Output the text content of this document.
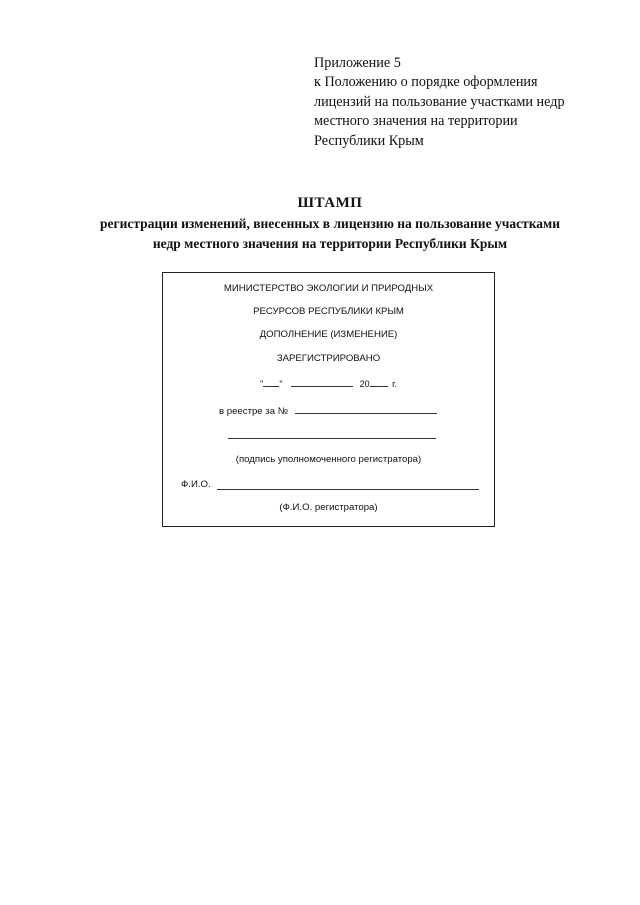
Приложение 5
к Положению о порядке оформления
лицензий на пользование участками недр
местного значения на территории
Республики Крым
ШТАМП
регистрации изменений, внесенных в лицензию на пользование участками
недр местного значения на территории Республики Крым
МИНИСТЕРСТВО ЭКОЛОГИИ И ПРИРОДНЫХ
РЕСУРСОВ РЕСПУБЛИКИ КРЫМ
ДОПОЛНЕНИЕ (ИЗМЕНЕНИЕ)
ЗАРЕГИСТРИРОВАНО
" "	20	г.
в реестре за №
(подпись уполномоченного регистратора)
Ф.И.О.
(Ф.И.О. регистратора)
